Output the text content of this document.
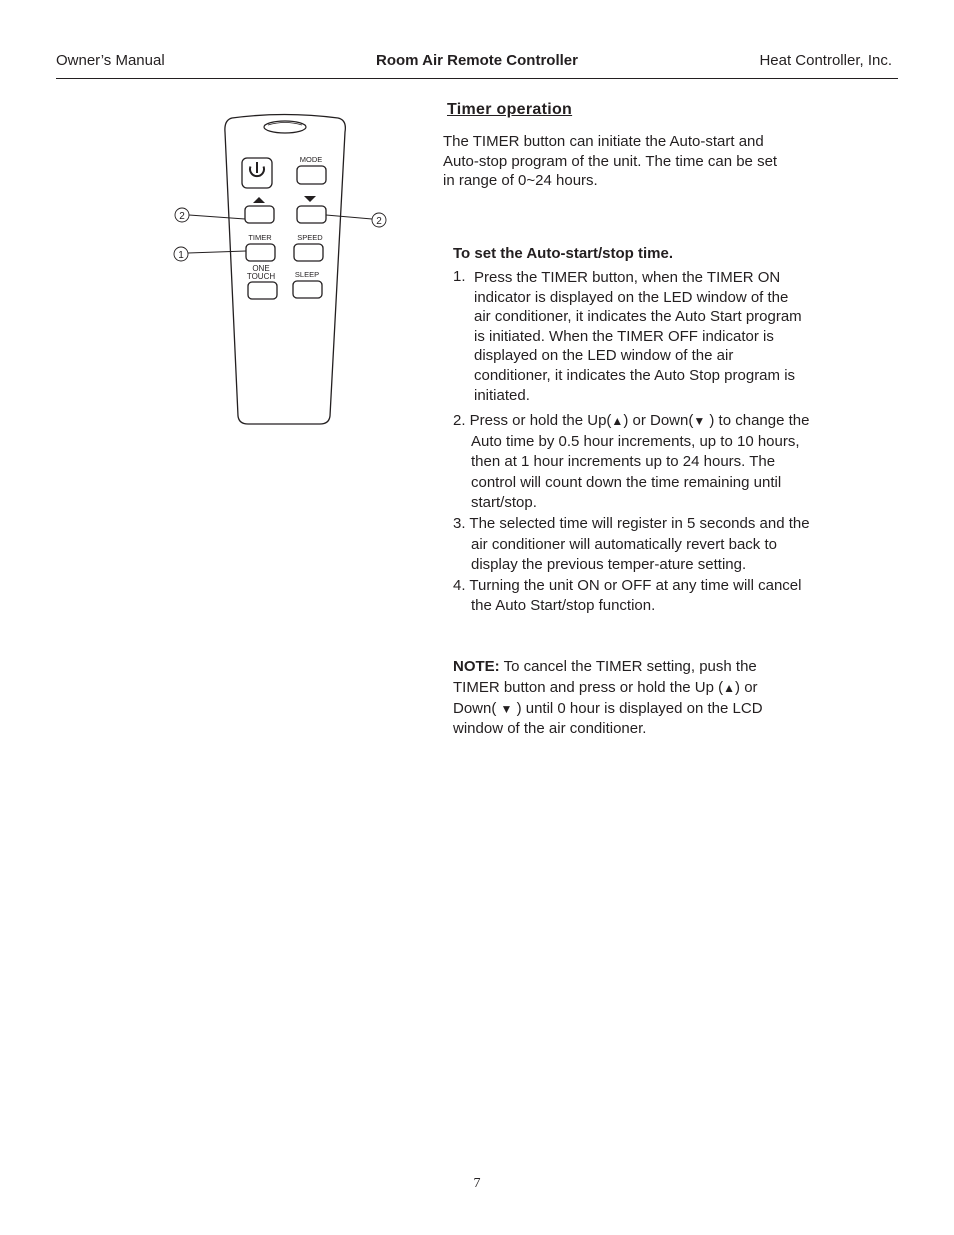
Owner’s Manual	Room Air Remote Controller	Heat Controller, Inc.
MODE
TIMER	SPEED
ONE
TOUCH	SLEEP
2	2
1
Timer operation
The TIMER button can initiate the Auto-start and Auto-stop program of the unit. The time can be set in range of 0~24 hours.
To set the Auto-start/stop time.
1. Press the TIMER button, when the TIMER ON indicator is displayed on the LED window of the air conditioner, it indicates the Auto Start program is initiated. When the TIMER OFF indicator is displayed on the LED window of the air conditioner, it indicates the Auto Stop program is initiated.
2. Press or hold the Up(▲) or Down(▼ ) to change the Auto time by 0.5 hour increments, up to 10 hours, then at 1 hour increments up to 24 hours. The control will count down the time remaining until start/stop.
3. The selected time will register in 5 seconds and the air conditioner will automatically revert back to display the previous temper-ature setting.
4. Turning the unit ON or OFF at any time will cancel the Auto Start/stop function.
NOTE: To cancel the TIMER setting, push the TIMER button and press or hold the Up (▲) or Down( ▼ ) until 0 hour is displayed on the LCD window of the air conditioner.
7
